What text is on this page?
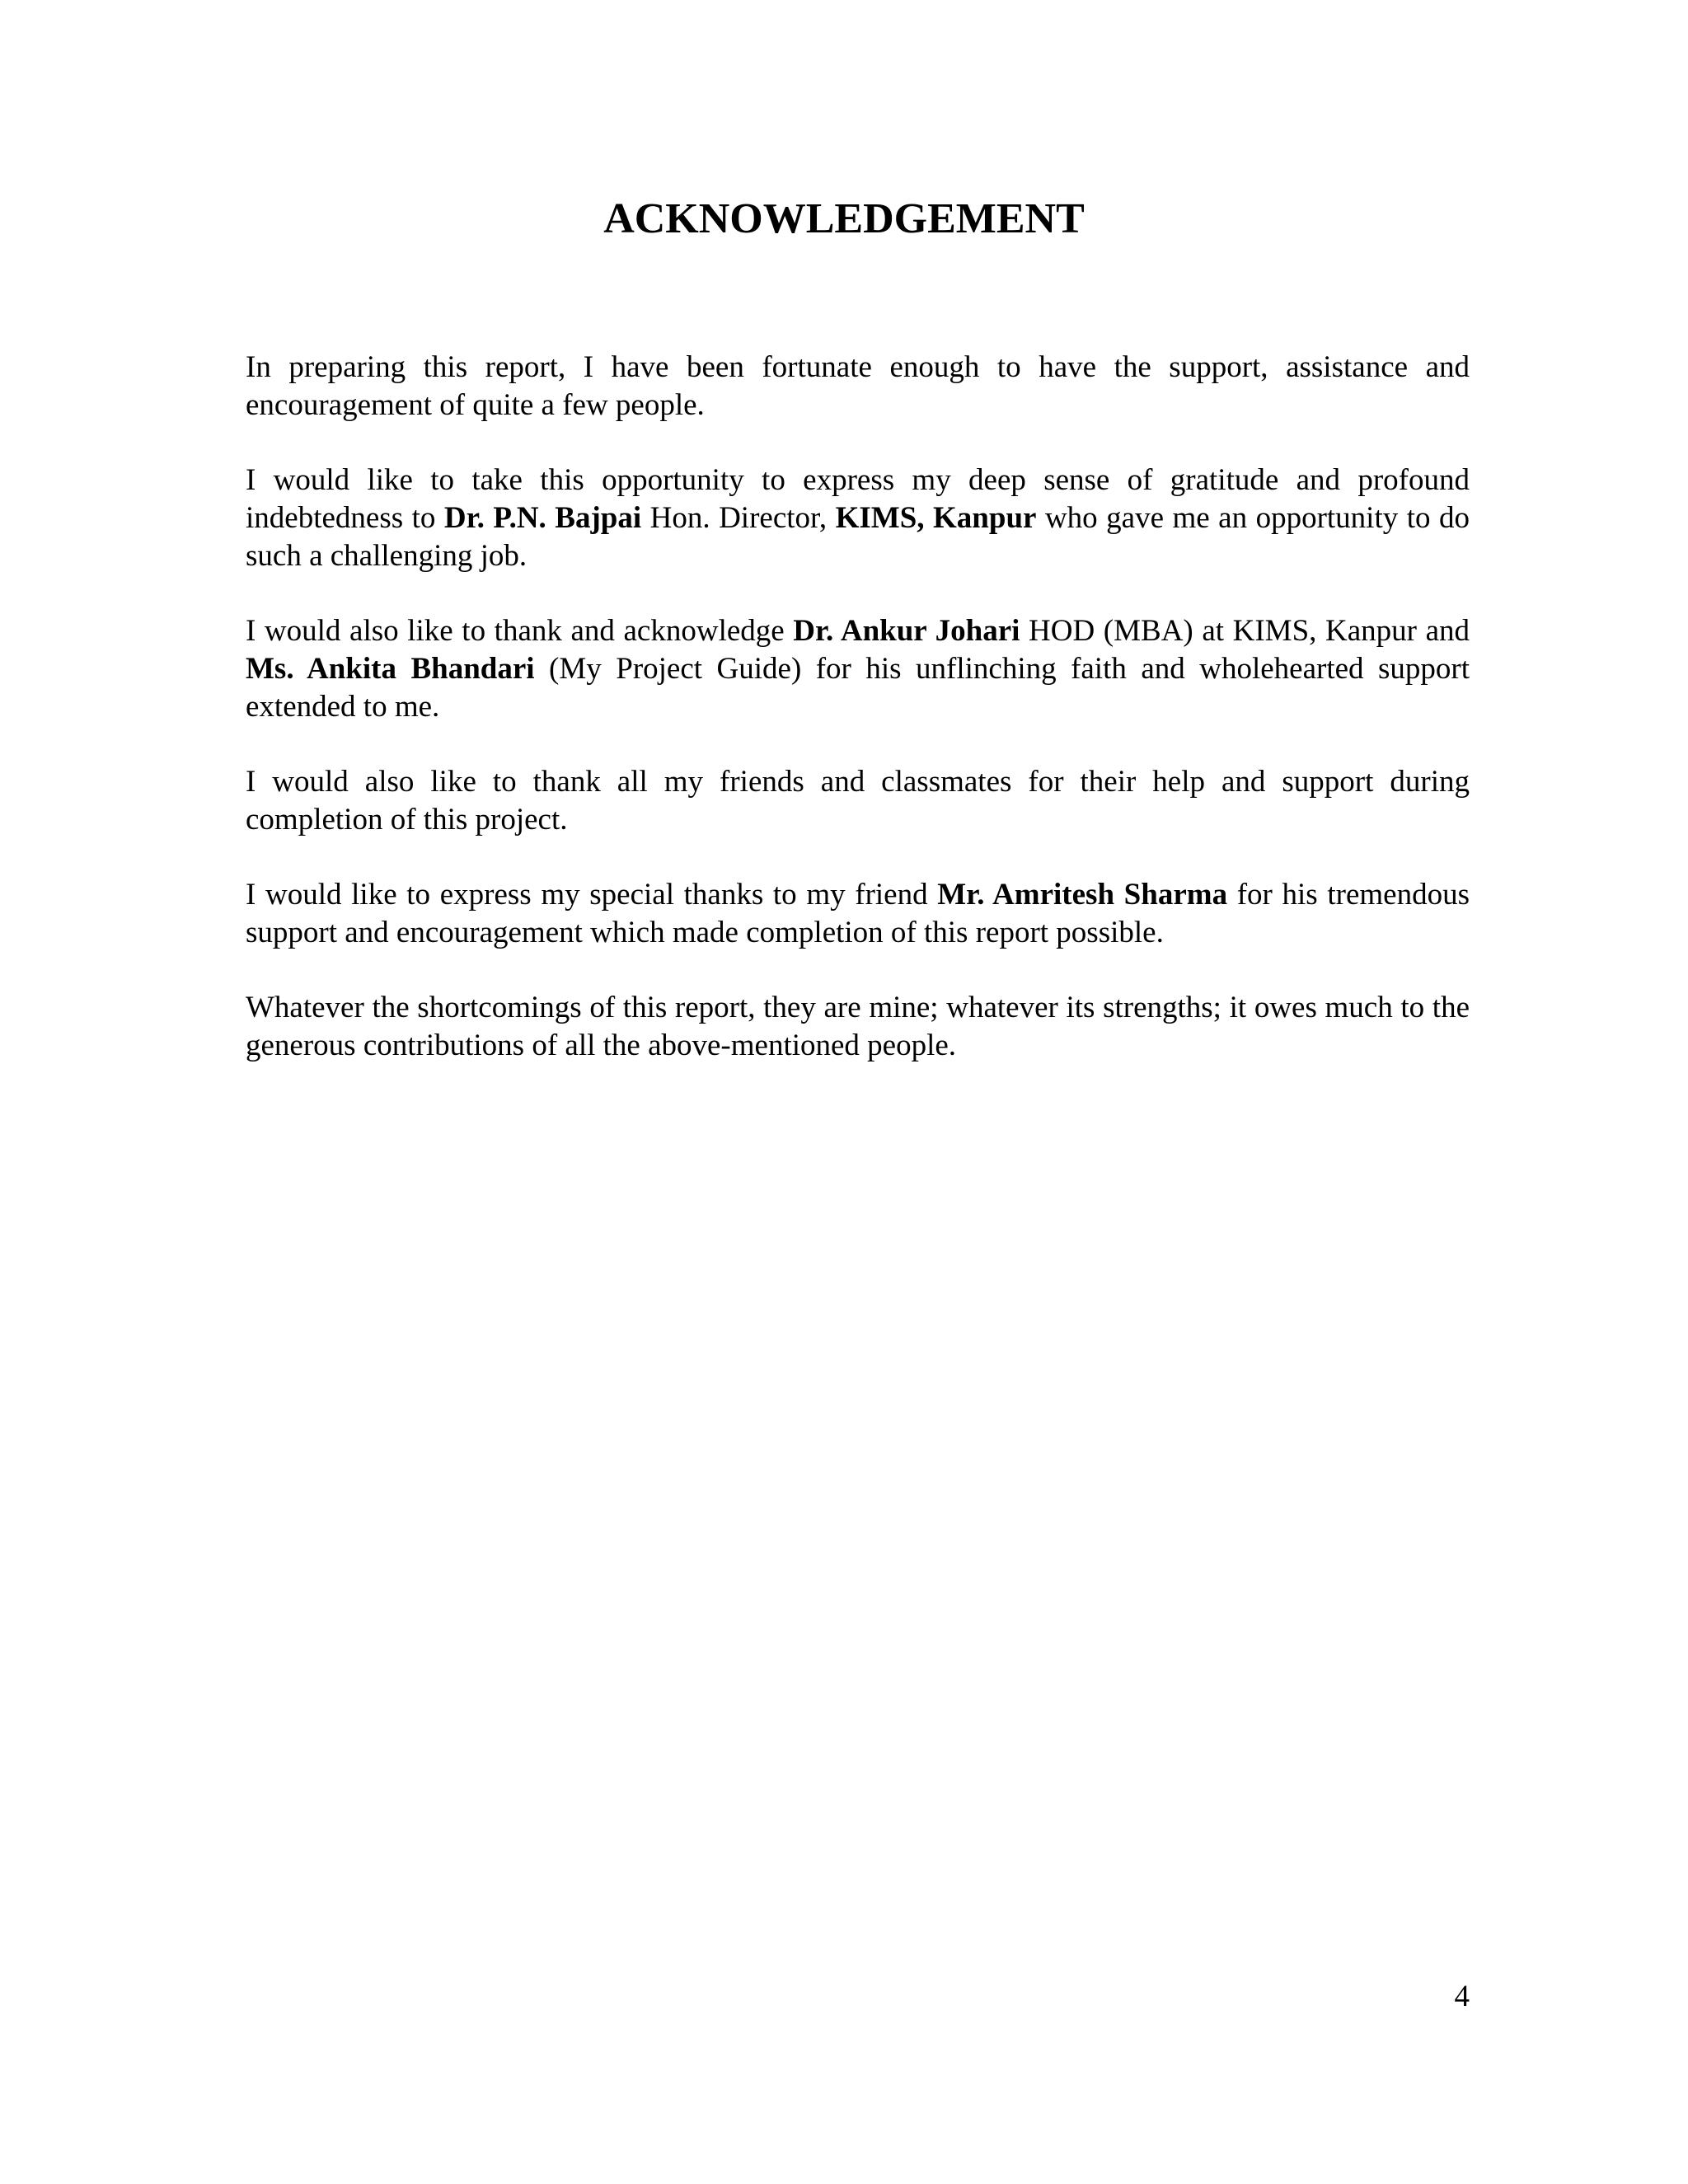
ACKNOWLEDGEMENT

In preparing this report, I have been fortunate enough to have the support, assistance and encouragement of quite a few people.

I would like to take this opportunity to express my deep sense of gratitude and profound indebtedness to Dr. P.N. Bajpai Hon. Director, KIMS, Kanpur who gave me an opportunity to do such a challenging job.

I would also like to thank and acknowledge Dr. Ankur Johari HOD (MBA) at KIMS, Kanpur and Ms. Ankita Bhandari (My Project Guide) for his unflinching faith and wholehearted support extended to me.

I would also like to thank all my friends and classmates for their help and support during completion of this project.

I would like to express my special thanks to my friend Mr. Amritesh Sharma for his tremendous support and encouragement which made completion of this report possible.

Whatever the shortcomings of this report, they are mine; whatever its strengths; it owes much to the generous contributions of all the above-mentioned people.

4
